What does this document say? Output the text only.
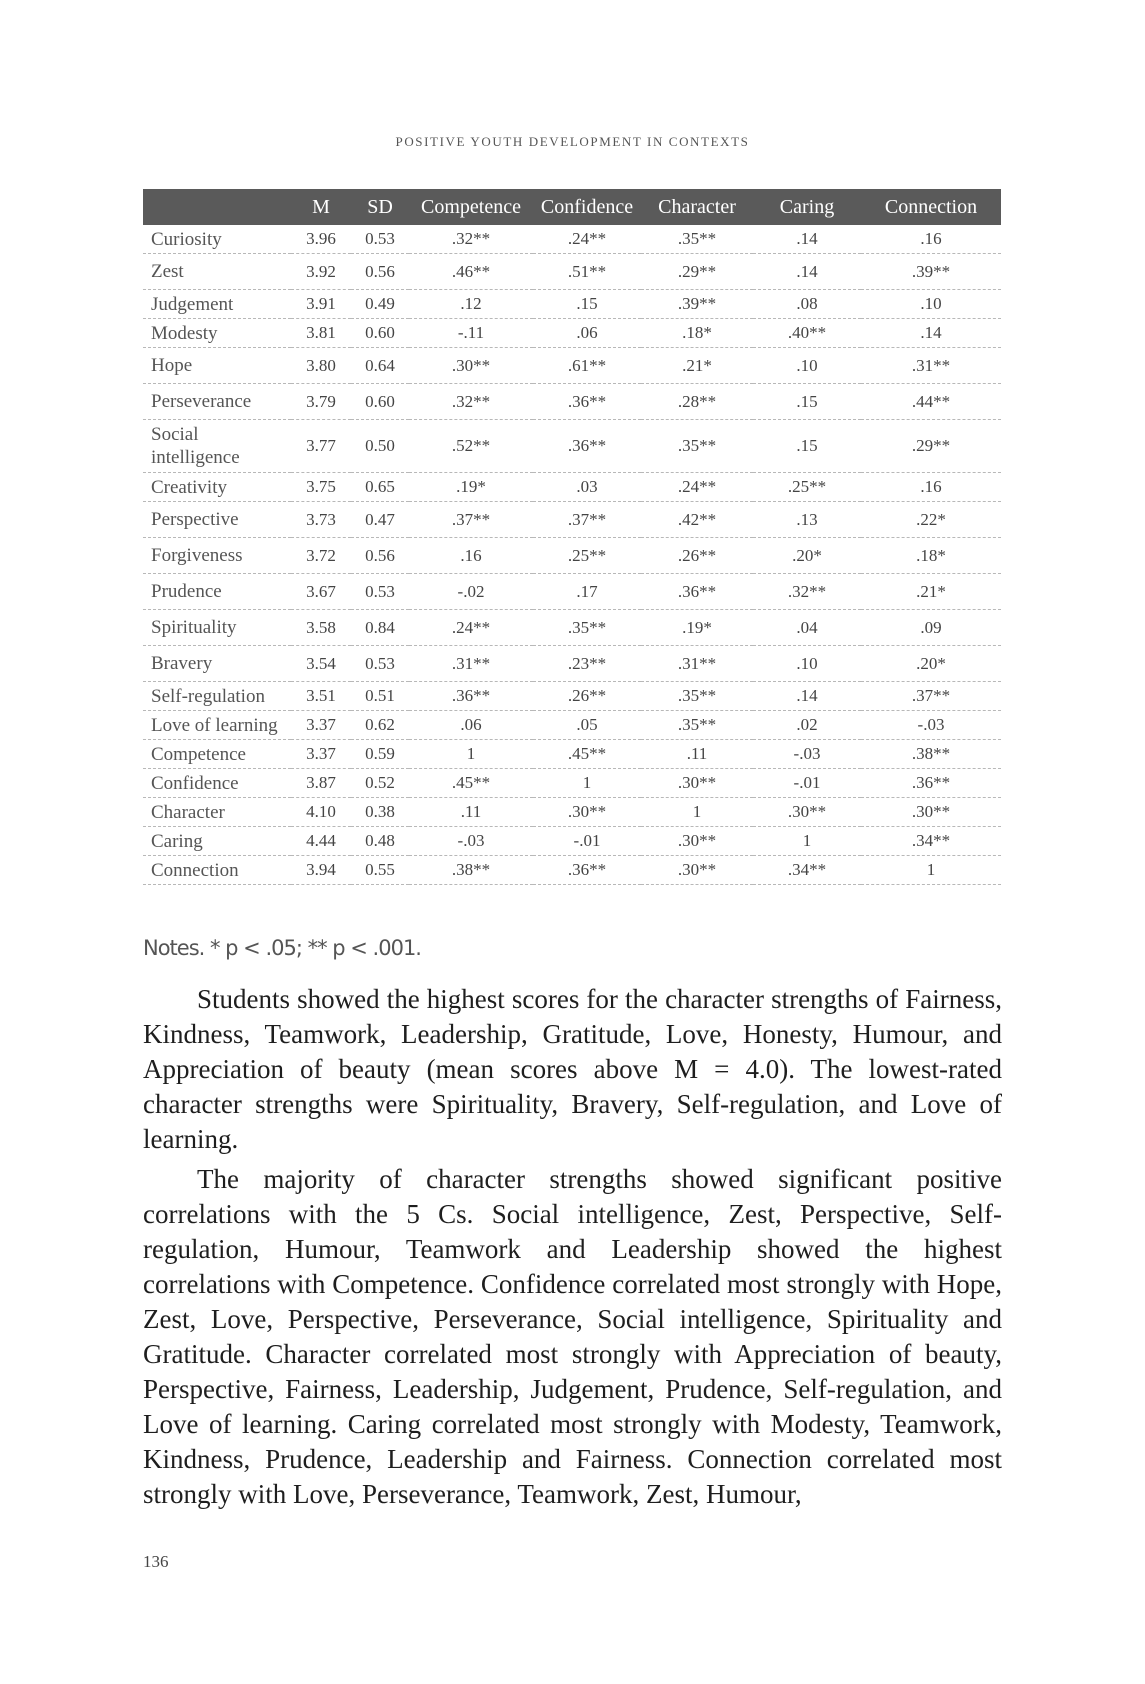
POSITIVE YOUTH DEVELOPMENT IN CONTEXTS
	M	SD	Competence	Confidence	Character	Caring	Connection
Curiosity	3.96	0.53	.32**	.24**	.35**	.14	.16
Zest	3.92	0.56	.46**	.51**	.29**	.14	.39**
Judgement	3.91	0.49	.12	.15	.39**	.08	.10
Modesty	3.81	0.60	-.11	.06	.18*	.40**	.14
Hope	3.80	0.64	.30**	.61**	.21*	.10	.31**
Perseverance	3.79	0.60	.32**	.36**	.28**	.15	.44**
Social intelligence	3.77	0.50	.52**	.36**	.35**	.15	.29**
Creativity	3.75	0.65	.19*	.03	.24**	.25**	.16
Perspective	3.73	0.47	.37**	.37**	.42**	.13	.22*
Forgiveness	3.72	0.56	.16	.25**	.26**	.20*	.18*
Prudence	3.67	0.53	-.02	.17	.36**	.32**	.21*
Spirituality	3.58	0.84	.24**	.35**	.19*	.04	.09
Bravery	3.54	0.53	.31**	.23**	.31**	.10	.20*
Self-regulation	3.51	0.51	.36**	.26**	.35**	.14	.37**
Love of learning	3.37	0.62	.06	.05	.35**	.02	-.03
Competence	3.37	0.59	1	.45**	.11	-.03	.38**
Confidence	3.87	0.52	.45**	1	.30**	-.01	.36**
Character	4.10	0.38	.11	.30**	1	.30**	.30**
Caring	4.44	0.48	-.03	-.01	.30**	1	.34**
Connection	3.94	0.55	.38**	.36**	.30**	.34**	1
Notes. * p < .05; ** p < .001.

Students showed the highest scores for the character strengths of Fairness, Kindness, Teamwork, Leadership, Gratitude, Love, Honesty, Humour, and Appreciation of beauty (mean scores above M = 4.0). The lowest-rated character strengths were Spirituality, Bravery, Self-regulation, and Love of learning.

The majority of character strengths showed significant positive correlations with the 5 Cs. Social intelligence, Zest, Perspective, Self-regulation, Humour, Teamwork and Leadership showed the highest correlations with Competence. Confidence correlated most strongly with Hope, Zest, Love, Perspective, Perseverance, Social intelligence, Spirituality and Gratitude. Character correlated most strongly with Appreciation of beauty, Perspective, Fairness, Leadership, Judgement, Prudence, Self-regulation, and Love of learning. Caring correlated most strongly with Modesty, Teamwork, Kindness, Prudence, Leadership and Fairness. Connection correlated most strongly with Love, Perseverance, Teamwork, Zest, Humour,

136
